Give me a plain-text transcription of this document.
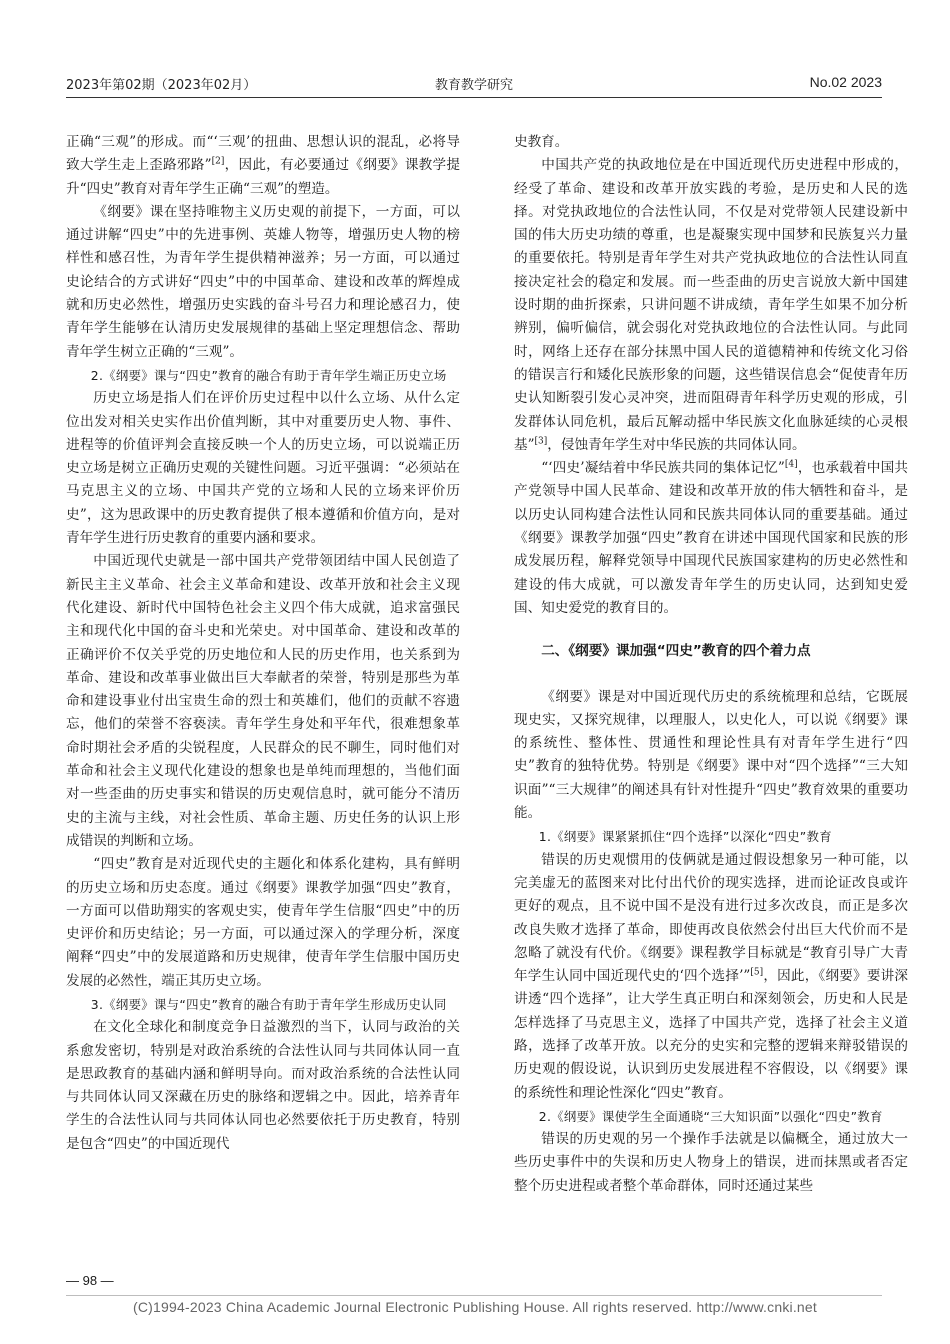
2023年第02期（2023年02月）	教育教学研究	No.02 2023

正确“三观”的形成。而“‘三观’的扭曲、思想认识的混乱，必将导致大学生走上歪路邪路”[2]，因此，有必要通过《纲要》课教学提升“四史”教育对青年学生正确“三观”的塑造。

《纲要》课在坚持唯物主义历史观的前提下，一方面，可以通过讲解“四史”中的先进事例、英雄人物等，增强历史人物的榜样性和感召性，为青年学生提供精神滋养；另一方面，可以通过史论结合的方式讲好“四史”中的中国革命、建设和改革的辉煌成就和历史必然性，增强历史实践的奋斗号召力和理论感召力，使青年学生能够在认清历史发展规律的基础上坚定理想信念、帮助青年学生树立正确的“三观”。

2.《纲要》课与“四史”教育的融合有助于青年学生端正历史立场

历史立场是指人们在评价历史过程中以什么立场、从什么定位出发对相关史实作出价值判断，其中对重要历史人物、事件、进程等的价值评判会直接反映一个人的历史立场，可以说端正历史立场是树立正确历史观的关键性问题。习近平强调：“必须站在马克思主义的立场、中国共产党的立场和人民的立场来评价历史”，这为思政课中的历史教育提供了根本遵循和价值方向，是对青年学生进行历史教育的重要内涵和要求。

中国近现代史就是一部中国共产党带领团结中国人民创造了新民主主义革命、社会主义革命和建设、改革开放和社会主义现代化建设、新时代中国特色社会主义四个伟大成就，追求富强民主和现代化中国的奋斗史和光荣史。对中国革命、建设和改革的正确评价不仅关乎党的历史地位和人民的历史作用，也关系到为革命、建设和改革事业做出巨大奉献者的荣誉，特别是那些为革命和建设事业付出宝贵生命的烈士和英雄们，他们的贡献不容遗忘，他们的荣誉不容亵渎。青年学生身处和平年代，很难想象革命时期社会矛盾的尖锐程度，人民群众的民不聊生，同时他们对革命和社会主义现代化建设的想象也是单纯而理想的，当他们面对一些歪曲的历史事实和错误的历史观信息时，就可能分不清历史的主流与主线，对社会性质、革命主题、历史任务的认识上形成错误的判断和立场。

“四史”教育是对近现代史的主题化和体系化建构，具有鲜明的历史立场和历史态度。通过《纲要》课教学加强“四史”教育，一方面可以借助翔实的客观史实，使青年学生信服“四史”中的历史评价和历史结论；另一方面，可以通过深入的学理分析，深度阐释“四史”中的发展道路和历史规律，使青年学生信服中国历史发展的必然性，端正其历史立场。

3.《纲要》课与“四史”教育的融合有助于青年学生形成历史认同

在文化全球化和制度竞争日益激烈的当下，认同与政治的关系愈发密切，特别是对政治系统的合法性认同与共同体认同一直是思政教育的基础内涵和鲜明导向。而对政治系统的合法性认同与共同体认同又深藏在历史的脉络和逻辑之中。因此，培养青年学生的合法性认同与共同体认同也必然要依托于历史教育，特别是包含“四史”的中国近现代

史教育。

中国共产党的执政地位是在中国近现代历史进程中形成的，经受了革命、建设和改革开放实践的考验，是历史和人民的选择。对党执政地位的合法性认同，不仅是对党带领人民建设新中国的伟大历史功绩的尊重，也是凝聚实现中国梦和民族复兴力量的重要依托。特别是青年学生对共产党执政地位的合法性认同直接决定社会的稳定和发展。而一些歪曲的历史言说放大新中国建设时期的曲折探索，只讲问题不讲成绩，青年学生如果不加分析辨别，偏听偏信，就会弱化对党执政地位的合法性认同。与此同时，网络上还存在部分抹黑中国人民的道德精神和传统文化习俗的错误言行和矮化民族形象的问题，这些错误信息会“促使青年历史认知断裂引发心灵冲突，进而阻碍青年科学历史观的形成，引发群体认同危机，最后瓦解动摇中华民族文化血脉延续的心灵根基”[3]，侵蚀青年学生对中华民族的共同体认同。

“‘四史’凝结着中华民族共同的集体记忆”[4]，也承载着中国共产党领导中国人民革命、建设和改革开放的伟大牺牲和奋斗，是以历史认同构建合法性认同和民族共同体认同的重要基础。通过《纲要》课教学加强“四史”教育在讲述中国现代国家和民族的形成发展历程，解释党领导中国现代民族国家建构的历史必然性和建设的伟大成就，可以激发青年学生的历史认同，达到知史爱国、知史爱党的教育目的。

二、《纲要》课加强“四史”教育的四个着力点

《纲要》课是对中国近现代历史的系统梳理和总结，它既展现史实，又探究规律，以理服人，以史化人，可以说《纲要》课的系统性、整体性、贯通性和理论性具有对青年学生进行“四史”教育的独特优势。特别是《纲要》课中对“四个选择”“三大知识面”“三大规律”的阐述具有针对性提升“四史”教育效果的重要功能。

1.《纲要》课紧紧抓住“四个选择”以深化“四史”教育

错误的历史观惯用的伎俩就是通过假设想象另一种可能，以完美虚无的蓝图来对比付出代价的现实选择，进而论证改良或许更好的观点，且不说中国不是没有进行过多次改良，而正是多次改良失败才选择了革命，即使再改良依然会付出巨大代价而不是忽略了就没有代价。《纲要》课程教学目标就是“教育引导广大青年学生认同中国近现代史的‘四个选择’”[5]，因此，《纲要》要讲深讲透“四个选择”，让大学生真正明白和深刻领会，历史和人民是怎样选择了马克思主义，选择了中国共产党，选择了社会主义道路，选择了改革开放。以充分的史实和完整的逻辑来辩驳错误的历史观的假设说，认识到历史发展进程不容假设，以《纲要》课的系统性和理论性深化“四史”教育。

2.《纲要》课使学生全面通晓“三大知识面”以强化“四史”教育

错误的历史观的另一个操作手法就是以偏概全，通过放大一些历史事件中的失误和历史人物身上的错误，进而抹黑或者否定整个历史进程或者整个革命群体，同时还通过某些

— 98 —
(C)1994-2023 China Academic Journal Electronic Publishing House. All rights reserved. http://www.cnki.net
